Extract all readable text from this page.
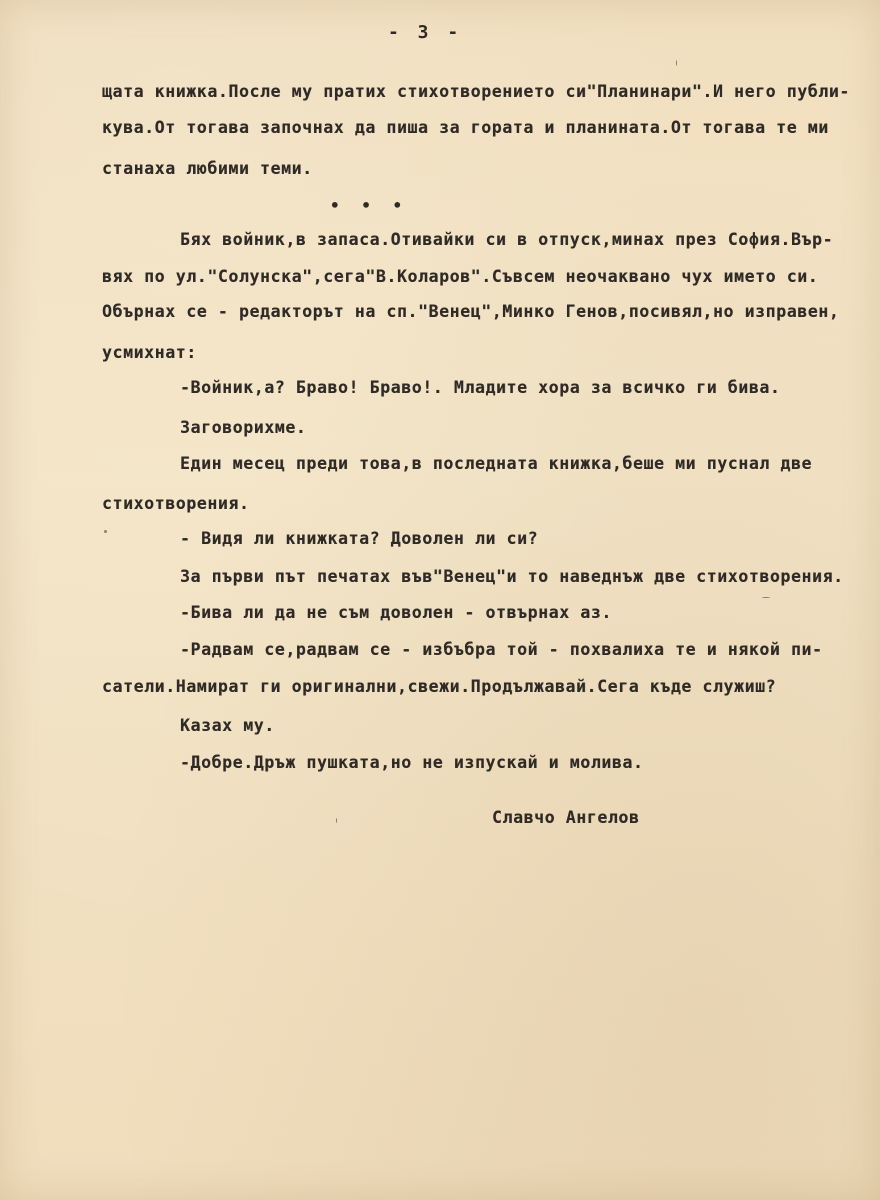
- 3 -
щата книжка.После му пратих стихотворението си"Планинари".И него публи-
кува.От тогава започнах да пиша за гората и планината.От тогава те ми
станаха любими теми.
• • •
Бях войник,в запаса.Отивайки си в отпуск,минах през София.Вър-
вях по ул."Солунска",сега"В.Коларов".Съвсем неочаквано чух името си.
Обърнах се - редакторът на сп."Венец",Минко Генов,посивял,но изправен,
усмихнат:
-Войник,а? Браво! Браво!. Младите хора за всичко ги бива.
Заговорихме.
Един месец преди това,в последната книжка,беше ми пуснал две
стихотворения.
- Видя ли книжката? Доволен ли си?
За първи път печатах във"Венец"и то наведнъж две стихотворения.
-Бива ли да не съм доволен - отвърнах аз.
-Радвам се,радвам се - избъбра той - похвалиха те и някой пи-
сатели.Намират ги оригинални,свежи.Продължавай.Сега къде служиш?
Казах му.
-Добре.Дръж пушката,но не изпускай и молива.
Славчо Ангелов
